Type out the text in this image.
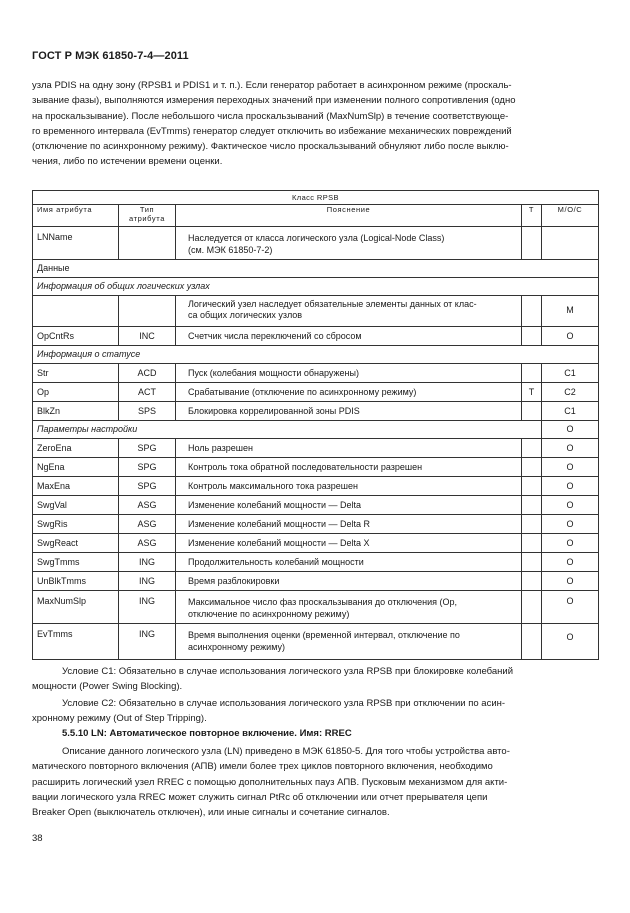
ГОСТ Р МЭК 61850-7-4—2011
узла PDIS на одну зону (RPSB1 и PDIS1 и т. п.). Если генератор работает в асинхронном режиме (проскаль-
зывание фазы), выполняются измерения переходных значений при изменении полного сопротивления (одно
на проскальзывание). После небольшого числа проскальзываний (MaxNumSlp) в течение соответствующе-
го временного интервала (EvTmms) генератор следует отключить во избежание механических повреждений
(отключение по асинхронному режиму). Фактическое число проскальзываний обнуляют либо после выклю-
чения, либо по истечении времени оценки.
Класс RPSB				
Имя атрибута	Тип
атрибута	Пояснение	T	M/O/C
LNName		Наследуется от класса логического узла (Logical-Node Class)
(см. МЭК 61850-7-2)		
Данные				
Информация об общих логических узлах				
		Логический узел наследует обязательные элементы данных от клас-
са общих логических узлов		M
OpCntRs	INC	Счетчик числа переключений со сбросом		O
Информация о статусе				
Str	ACD	Пуск (колебания мощности обнаружены)		C1
Op	ACT	Срабатывание (отключение по асинхронному режиму)	T	C2
BlkZn	SPS	Блокировка коррелированной зоны PDIS		C1
Параметры настройки				O
ZeroEna	SPG	Ноль разрешен		O
NgEna	SPG	Контроль тока обратной последовательности разрешен		O
MaxEna	SPG	Контроль максимального тока разрешен		O
SwgVal	ASG	Изменение колебаний мощности — Delta		O
SwgRis	ASG	Изменение колебаний мощности — Delta R		O
SwgReact	ASG	Изменение колебаний мощности — Delta X		O
SwgTmms	ING	Продолжительность колебаний мощности		O
UnBlkTmms	ING	Время разблокировки		O
MaxNumSlp	ING	Максимальное число фаз проскальзывания до отключения (Op,
отключение по асинхронному режиму)		O
EvTmms	ING	Время выполнения оценки (временной интервал, отключение по
асинхронному режиму)		O
Условие С1: Обязательно в случае использования логического узла RPSB при блокировке колебаний
мощности (Power Swing Blocking).
Условие С2: Обязательно в случае использования логического узла RPSB при отключении по асин-
хронному режиму (Out of Step Tripping).
5.5.10 LN: Автоматическое повторное включение. Имя: RREC
Описание данного логического узла (LN) приведено в МЭК 61850-5. Для того чтобы устройства авто-
матического повторного включения (АПВ) имели более трех циклов повторного включения, необходимо
расширить логический узел RREC с помощью дополнительных пауз АПВ. Пусковым механизмом для акти-
вации логического узла RREC может служить сигнал PtRc об отключении или отчет прерывателя цепи
Breaker Open (выключатель отключен), или иные сигналы и сочетание сигналов.
38
